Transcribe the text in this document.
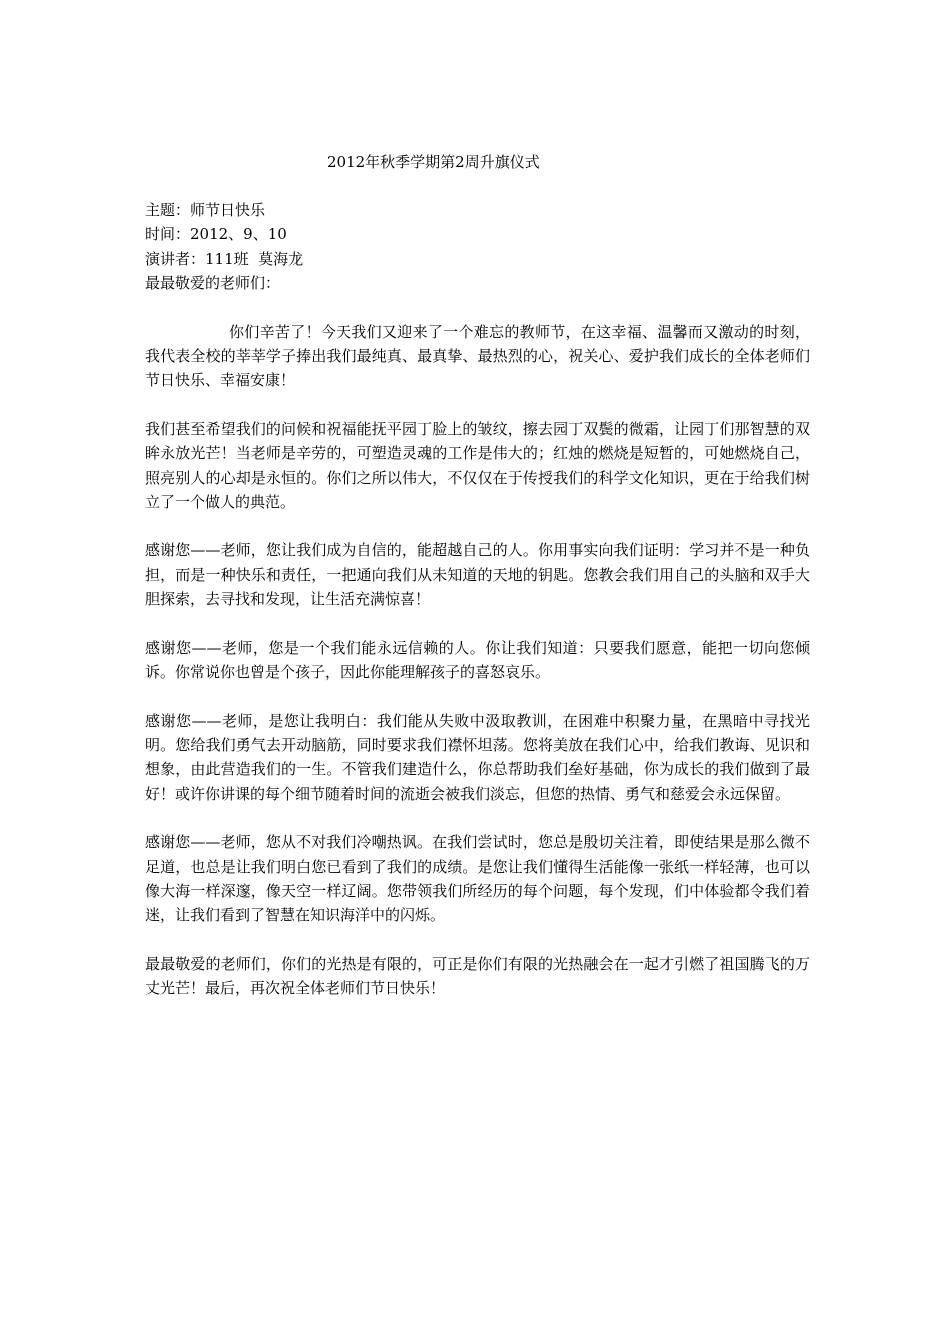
2012年秋季学期第2周升旗仪式

主题：师节日快乐

时间：2012、9、10

演讲者：111班  莫海龙

最最敬爱的老师们：

你们辛苦了！今天我们又迎来了一个难忘的教师节，在这幸福、温馨而又激动的时刻，我代表全校的莘莘学子捧出我们最纯真、最真挚、最热烈的心，祝关心、爱护我们成长的全体老师们节日快乐、幸福安康！

我们甚至希望我们的问候和祝福能抚平园丁脸上的皱纹，擦去园丁双鬓的微霜，让园丁们那智慧的双眸永放光芒！当老师是辛劳的，可塑造灵魂的工作是伟大的；红烛的燃烧是短暂的，可她燃烧自己，照亮别人的心却是永恒的。你们之所以伟大，不仅仅在于传授我们的科学文化知识，更在于给我们树立了一个做人的典范。

感谢您——老师，您让我们成为自信的，能超越自己的人。你用事实向我们证明：学习并不是一种负担，而是一种快乐和责任，一把通向我们从未知道的天地的钥匙。您教会我们用自己的头脑和双手大胆探索，去寻找和发现，让生活充满惊喜！

感谢您——老师，您是一个我们能永远信赖的人。你让我们知道：只要我们愿意，能把一切向您倾诉。你常说你也曾是个孩子，因此你能理解孩子的喜怒哀乐。

感谢您——老师，是您让我明白：我们能从失败中汲取教训，在困难中积聚力量，在黑暗中寻找光明。您给我们勇气去开动脑筋，同时要求我们襟怀坦荡。您将美放在我们心中，给我们教诲、见识和想象，由此营造我们的一生。不管我们建造什么，你总帮助我们垒好基础，你为成长的我们做到了最好！或许你讲课的每个细节随着时间的流逝会被我们淡忘，但您的热情、勇气和慈爱会永远保留。

感谢您——老师，您从不对我们冷嘲热讽。在我们尝试时，您总是殷切关注着，即使结果是那么微不足道，也总是让我们明白您已看到了我们的成绩。是您让我们懂得生活能像一张纸一样轻薄，也可以像大海一样深邃，像天空一样辽阔。您带领我们所经历的每个问题，每个发现，们中体验都令我们着迷，让我们看到了智慧在知识海洋中的闪烁。

最最敬爱的老师们，你们的光热是有限的，可正是你们有限的光热融会在一起才引燃了祖国腾飞的万丈光芒！最后，再次祝全体老师们节日快乐！
